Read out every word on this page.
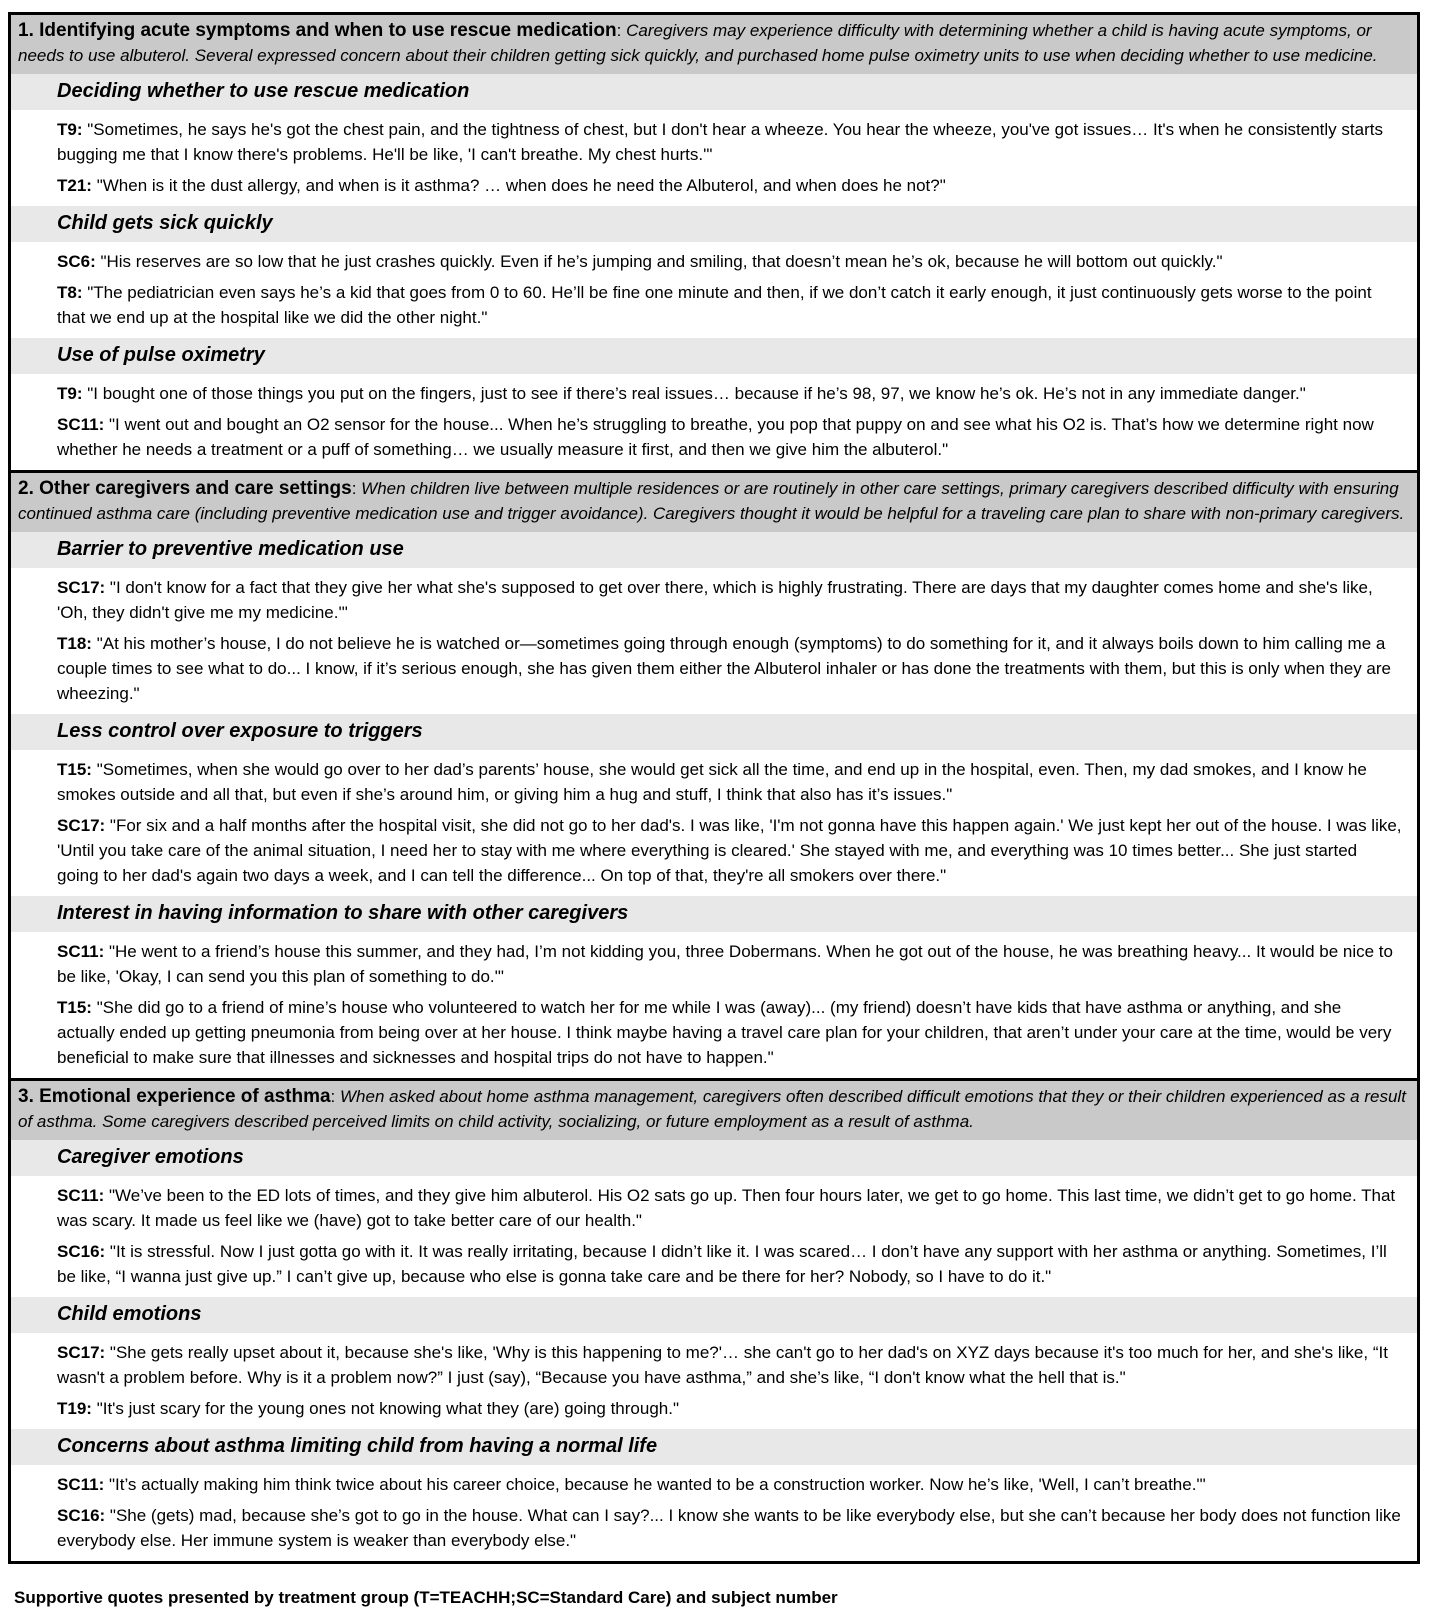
1. Identifying acute symptoms and when to use rescue medication: Caregivers may experience difficulty with determining whether a child is having acute symptoms, or needs to use albuterol. Several expressed concern about their children getting sick quickly, and purchased home pulse oximetry units to use when deciding whether to use medicine.
Deciding whether to use rescue medication
T9: "Sometimes, he says he's got the chest pain, and the tightness of chest, but I don't hear a wheeze. You hear the wheeze, you've got issues… It's when he consistently starts bugging me that I know there's problems. He'll be like, 'I can't breathe. My chest hurts.'"
T21: "When is it the dust allergy, and when is it asthma? … when does he need the Albuterol, and when does he not?"
Child gets sick quickly
SC6: "His reserves are so low that he just crashes quickly. Even if he’s jumping and smiling, that doesn’t mean he’s ok, because he will bottom out quickly."
T8: "The pediatrician even says he’s a kid that goes from 0 to 60. He’ll be fine one minute and then, if we don’t catch it early enough, it just continuously gets worse to the point that we end up at the hospital like we did the other night."
Use of pulse oximetry
T9: "I bought one of those things you put on the fingers, just to see if there’s real issues… because if he’s 98, 97, we know he’s ok. He’s not in any immediate danger."
SC11: "I went out and bought an O2 sensor for the house... When he’s struggling to breathe, you pop that puppy on and see what his O2 is. That’s how we determine right now whether he needs a treatment or a puff of something… we usually measure it first, and then we give him the albuterol."
2. Other caregivers and care settings: When children live between multiple residences or are routinely in other care settings, primary caregivers described difficulty with ensuring continued asthma care (including preventive medication use and trigger avoidance). Caregivers thought it would be helpful for a traveling care plan to share with non-primary caregivers.
Barrier to preventive medication use
SC17: "I don't know for a fact that they give her what she's supposed to get over there, which is highly frustrating. There are days that my daughter comes home and she's like, 'Oh, they didn't give me my medicine.'"
T18: "At his mother’s house, I do not believe he is watched or—sometimes going through enough (symptoms) to do something for it, and it always boils down to him calling me a couple times to see what to do... I know, if it’s serious enough, she has given them either the Albuterol inhaler or has done the treatments with them, but this is only when they are wheezing."
Less control over exposure to triggers
T15: "Sometimes, when she would go over to her dad’s parents’ house, she would get sick all the time, and end up in the hospital, even. Then, my dad smokes, and I know he smokes outside and all that, but even if she’s around him, or giving him a hug and stuff, I think that also has it’s issues."
SC17: "For six and a half months after the hospital visit, she did not go to her dad's. I was like, 'I'm not gonna have this happen again.' We just kept her out of the house. I was like, 'Until you take care of the animal situation, I need her to stay with me where everything is cleared.' She stayed with me, and everything was 10 times better... She just started going to her dad's again two days a week, and I can tell the difference... On top of that, they're all smokers over there."
Interest in having information to share with other caregivers
SC11: "He went to a friend’s house this summer, and they had, I’m not kidding you, three Dobermans. When he got out of the house, he was breathing heavy... It would be nice to be like, 'Okay, I can send you this plan of something to do.'"
T15: "She did go to a friend of mine’s house who volunteered to watch her for me while I was (away)... (my friend) doesn’t have kids that have asthma or anything, and she actually ended up getting pneumonia from being over at her house. I think maybe having a travel care plan for your children, that aren’t under your care at the time, would be very beneficial to make sure that illnesses and sicknesses and hospital trips do not have to happen."
3. Emotional experience of asthma: When asked about home asthma management, caregivers often described difficult emotions that they or their children experienced as a result of asthma. Some caregivers described perceived limits on child activity, socializing, or future employment as a result of asthma.
Caregiver emotions
SC11: "We’ve been to the ED lots of times, and they give him albuterol. His O2 sats go up. Then four hours later, we get to go home. This last time, we didn’t get to go home. That was scary. It made us feel like we (have) got to take better care of our health."
SC16: "It is stressful. Now I just gotta go with it. It was really irritating, because I didn’t like it. I was scared… I don’t have any support with her asthma or anything. Sometimes, I’ll be like, “I wanna just give up.” I can’t give up, because who else is gonna take care and be there for her? Nobody, so I have to do it."
Child emotions
SC17: "She gets really upset about it, because she's like, 'Why is this happening to me?'… she can't go to her dad's on XYZ days because it's too much for her, and she's like, “It wasn't a problem before. Why is it a problem now?” I just (say), “Because you have asthma,” and she’s like, “I don't know what the hell that is."
T19: "It's just scary for the young ones not knowing what they (are) going through."
Concerns about asthma limiting child from having a normal life
SC11: "It’s actually making him think twice about his career choice, because he wanted to be a construction worker. Now he’s like, 'Well, I can’t breathe.'"
SC16: "She (gets) mad, because she’s got to go in the house. What can I say?... I know she wants to be like everybody else, but she can’t because her body does not function like everybody else. Her immune system is weaker than everybody else."
Supportive quotes presented by treatment group (T=TEACHH;SC=Standard Care) and subject number
